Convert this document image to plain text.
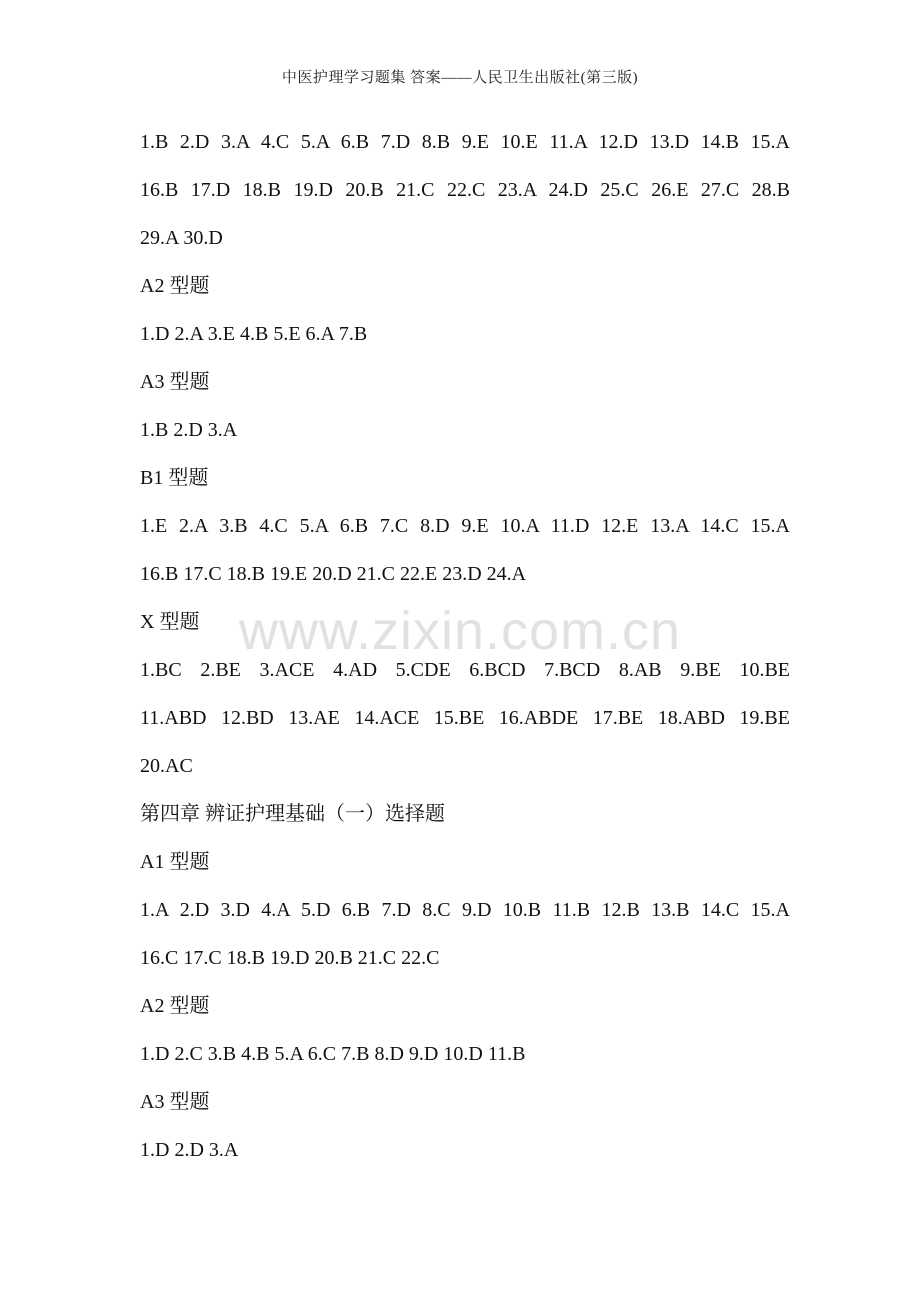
中医护理学习题集 答案——人民卫生出版社(第三版)
1.B 2.D 3.A 4.C 5.A 6.B 7.D 8.B 9.E 10.E 11.A 12.D 13.D 14.B 15.A
16.B 17.D 18.B 19.D 20.B 21.C 22.C 23.A 24.D 25.C 26.E 27.C 28.B
29.A 30.D
A2 型题
1.D 2.A 3.E 4.B 5.E 6.A 7.B
A3 型题
1.B 2.D 3.A
B1 型题
1.E 2.A 3.B 4.C 5.A 6.B 7.C 8.D 9.E 10.A 11.D 12.E 13.A 14.C 15.A
16.B 17.C 18.B 19.E 20.D 21.C 22.E 23.D 24.A
X 型题
1.BC 2.BE 3.ACE 4.AD 5.CDE 6.BCD 7.BCD 8.AB 9.BE 10.BE
11.ABD 12.BD 13.AE 14.ACE 15.BE 16.ABDE 17.BE 18.ABD 19.BE
20.AC
第四章 辨证护理基础（一）选择题
A1 型题
1.A 2.D 3.D 4.A 5.D 6.B 7.D 8.C 9.D 10.B 11.B 12.B 13.B 14.C 15.A
16.C 17.C 18.B 19.D 20.B 21.C 22.C
A2 型题
1.D 2.C 3.B 4.B 5.A 6.C 7.B 8.D 9.D 10.D 11.B
A3 型题
1.D 2.D 3.A
www.zixin.com.cn
